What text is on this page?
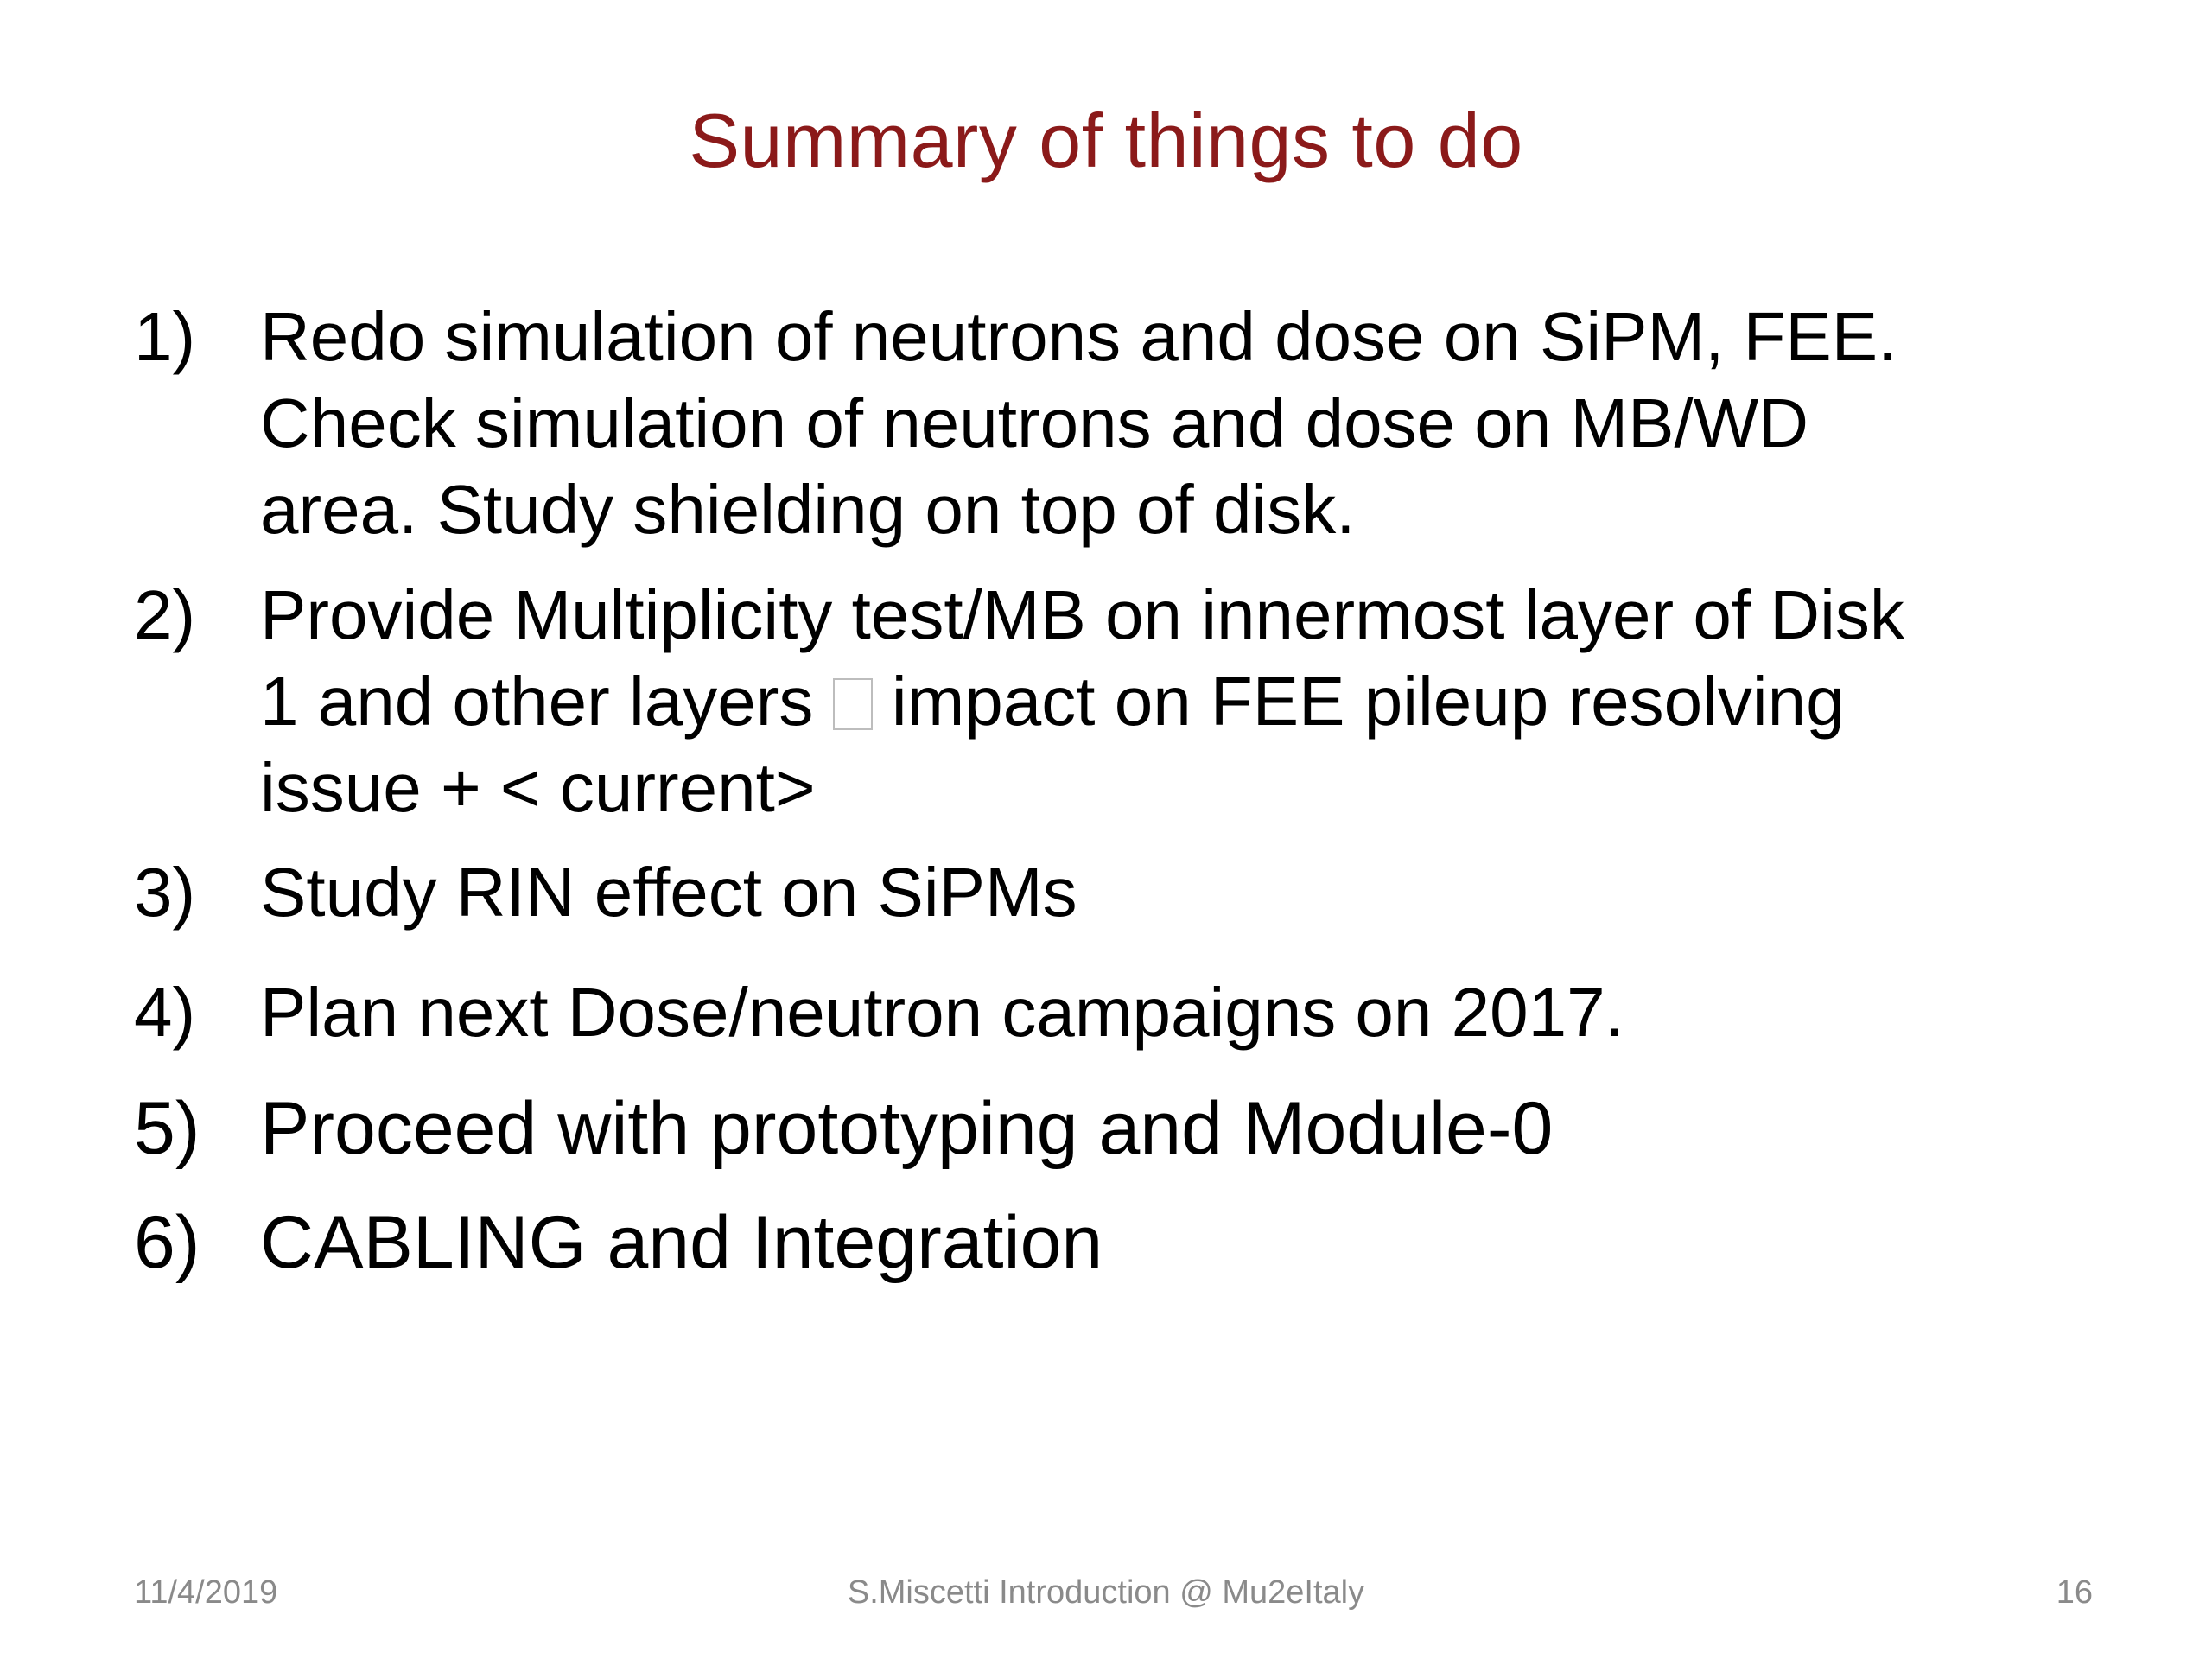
Summary of things to do
1) Redo simulation of neutrons and dose on SiPM, FEE.
Check simulation of neutrons and dose on MB/WD
area. Study shielding on top of disk.
2) Provide Multiplicity test/MB on innermost layer of Disk
1 and other layers impact on FEE pileup resolving
issue + < current>
3) Study RIN effect on SiPMs
4) Plan next Dose/neutron campaigns on 2017.
5) Proceed with prototyping and Module-0
6) CABLING and Integration
11/4/2019	S.Miscetti Introduction @ Mu2eItaly	16
